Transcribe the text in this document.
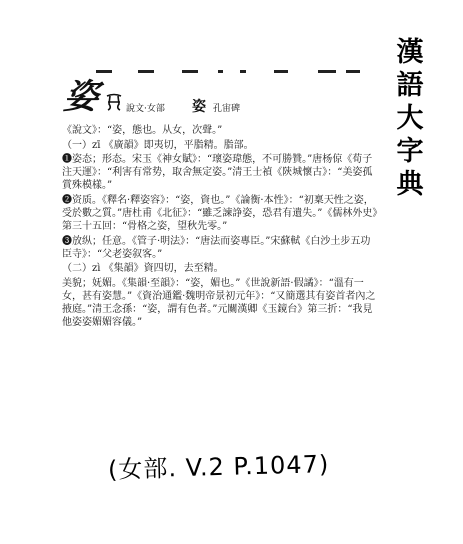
漢
語
大
字
典
姿	說文·女部 姿 孔宙碑

《說文》：“姿，態也。从女，次聲。”

（一）zī 《廣韻》即夷切，平脂精。脂部。

❶姿态；形态。宋玉《神女賦》：“瓌姿瑋態，不可勝贊。”唐杨倞《荀子注天運》：“利害有常势，取舍無定姿。”清王士禎《陝城懷古》：“美姿孤賞殊模樣。”

❷资质。《釋名·釋姿容》：“姿，資也。”《論衡·本性》：“初稟天性之姿，受於數之質。”唐杜甫《北征》：“雖乏諫諍姿，恐君有遺失。”《儒林外史》第三十五回：“骨格之姿，望秋先零。”

❸放纵；任意。《管子·明法》：“唐法而姿專臣。”宋蘇軾《白沙土步五功臣寺》：“父老姿叙客。”

（二）zì 《集韻》資四切，去至精。

美貌；妩媚。《集韻·至韻》：“姿，媚也。”《世說新語·假譎》：“溫有一女，甚有姿慧。”《資治通鑑·魏明帝景初元年》：“又簡選其有姿首者內之掖庭。”清王念孫：“姿，謂有色者。”元關漢卿《玉鏡台》第三折：“我見他姿姿媚媚容儀。”

(女部. V.2 P.1047)
